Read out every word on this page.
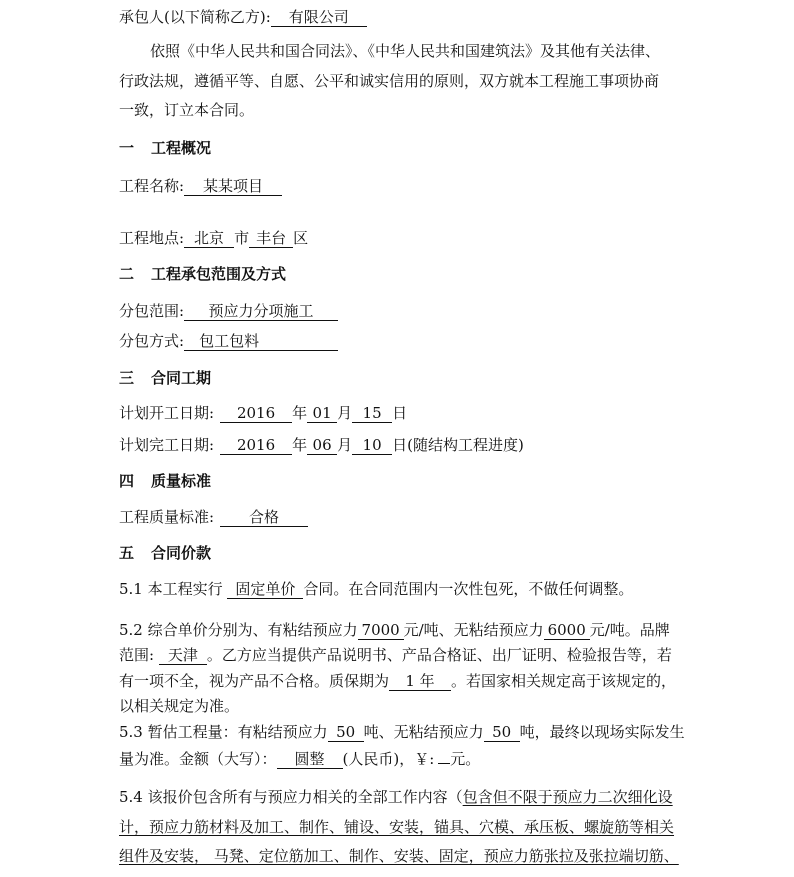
承包人(以下简称乙方): 有限公司
依照《中华人民共和国合同法》、《中华人民共和国建筑法》及其他有关法律、
行政法规，遵循平等、自愿、公平和诚实信用的原则，双方就本工程施工事项协商
一致，订立本合同。
一 工程概况
工程名称: 某某项目
工程地点: 北京 市 丰台 区
二 工程承包范围及方式
分包范围: 预应力分项施工
分包方式: 包工包料
三 合同工期
计划开工日期: 2016 年 01 月 15 日
计划完工日期: 2016 年 06 月 10 日(随结构工程进度)
四 质量标准
工程质量标准: 合格
五 合同价款
5.1 本工程实行 固定单价 合同。在合同范围内一次性包死，不做任何调整。
5.2 综合单价分别为、有粘结预应力 7000 元/吨、无粘结预应力 6000 元/吨。品牌
范围: 天津 。乙方应当提供产品说明书、产品合格证、出厂证明、检验报告等，若
有一项不全，视为产品不合格。质保期为 1 年 。若国家相关规定高于该规定的，
以相关规定为准。
5.3 暂估工程量：有粘结预应力 50 吨、无粘结预应力 50 吨，最终以现场实际发生
量为准。金额（大写）： 圆整 (人民币)，￥: 元。
5.4 该报价包含所有与预应力相关的全部工作内容（包含但不限于预应力二次细化设
计，预应力筋材料及加工、制作、铺设、安装，锚具、穴模、承压板、螺旋筋等相关
组件及安装， 马凳、定位筋加工、制作、安装、固定，预应力筋张拉及张拉端切筋、
